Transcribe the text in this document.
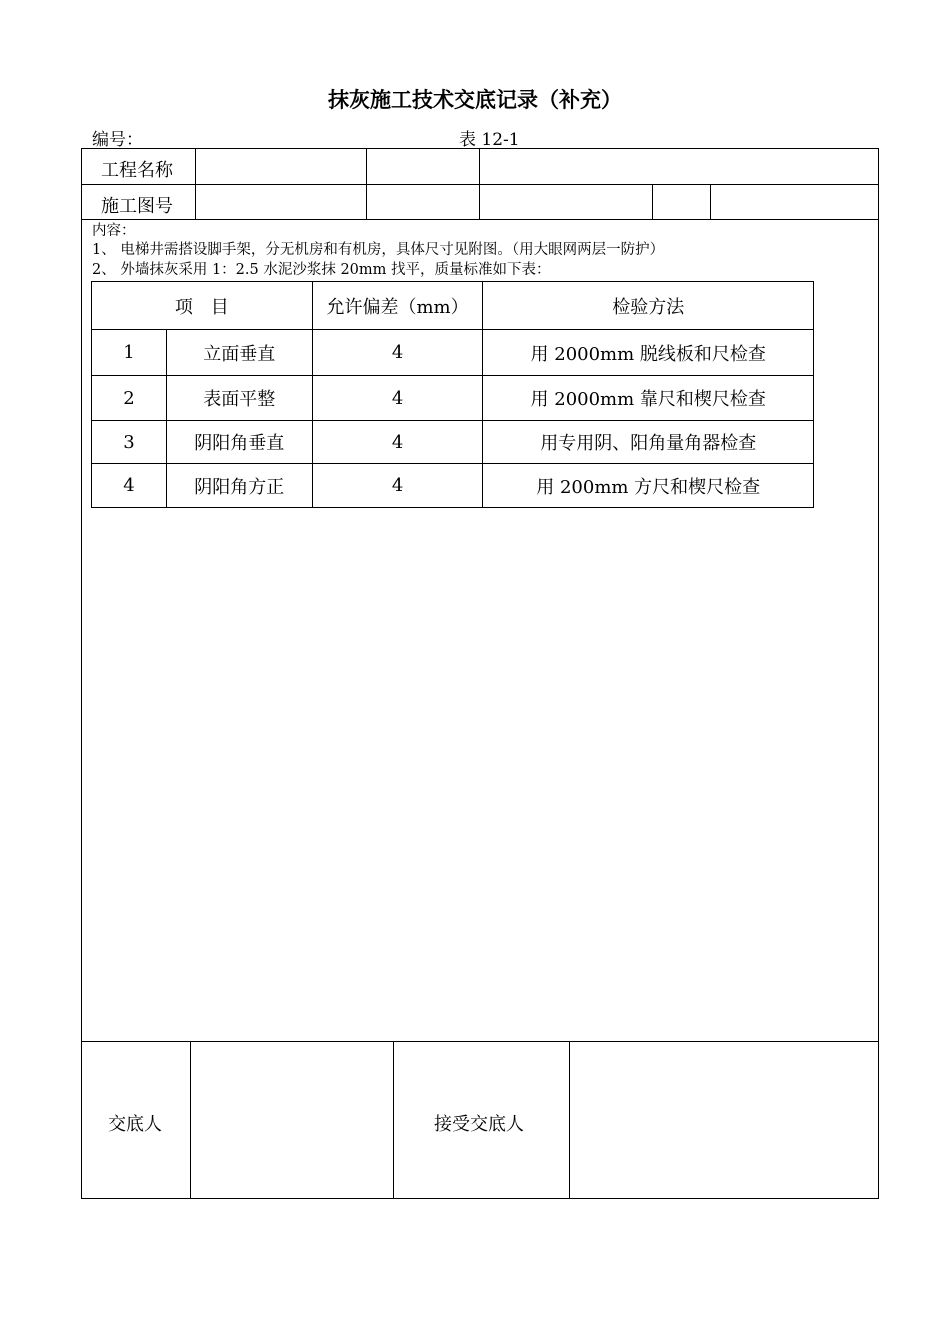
抹灰施工技术交底记录（补充）
编号：	表 12-1
工程名称
施工图号
内容：
1、 电梯井需搭设脚手架，分无机房和有机房，具体尺寸见附图。（用大眼网两层一防护）
2、 外墙抹灰采用 1：2.5 水泥沙浆抹 20mm 找平，质量标准如下表：
项　目		允许偏差（mm）	检验方法
1	立面垂直	4	用 2000mm 脱线板和尺检查
2	表面平整	4	用 2000mm 靠尺和楔尺检查
3	阴阳角垂直	4	用专用阴、阳角量角器检查
4	阴阳角方正	4	用 200mm 方尺和楔尺检查
交底人	接受交底人
